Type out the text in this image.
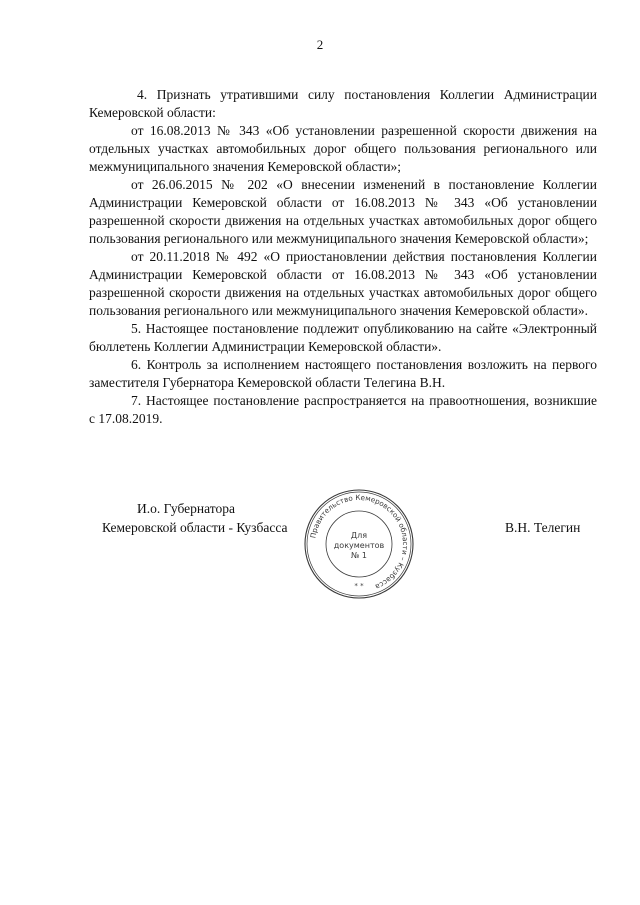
2

4. Признать утратившими силу постановления Коллегии Администрации Кемеровской области:

от 16.08.2013 № 343 «Об установлении разрешенной скорости движения на отдельных участках автомобильных дорог общего пользования регионального или межмуниципального значения Кемеровской области»;

от 26.06.2015 № 202 «О внесении изменений в постановление Коллегии Администрации Кемеровской области от 16.08.2013 № 343 «Об установлении разрешенной скорости движения на отдельных участках автомобильных дорог общего пользования регионального или межмуниципального значения Кемеровской области»;

от 20.11.2018 № 492 «О приостановлении действия постановления Коллегии Администрации Кемеровской области от 16.08.2013 № 343 «Об установлении разрешенной скорости движения на отдельных участках автомобильных дорог общего пользования регионального или межмуниципального значения Кемеровской области».

5. Настоящее постановление подлежит опубликованию на сайте «Электронный бюллетень Коллегии Администрации Кемеровской области».

6. Контроль за исполнением настоящего постановления возложить на первого заместителя Губернатора Кемеровской области Телегина В.Н.

7. Настоящее постановление распространяется на правоотношения, возникшие с 17.08.2019.

И.о. Губернатора
Кемеровской области - Кузбасса	В.Н. Телегин
Правительство Кемеровской области – Кузбасса
Для
документов
№ 1
* *
